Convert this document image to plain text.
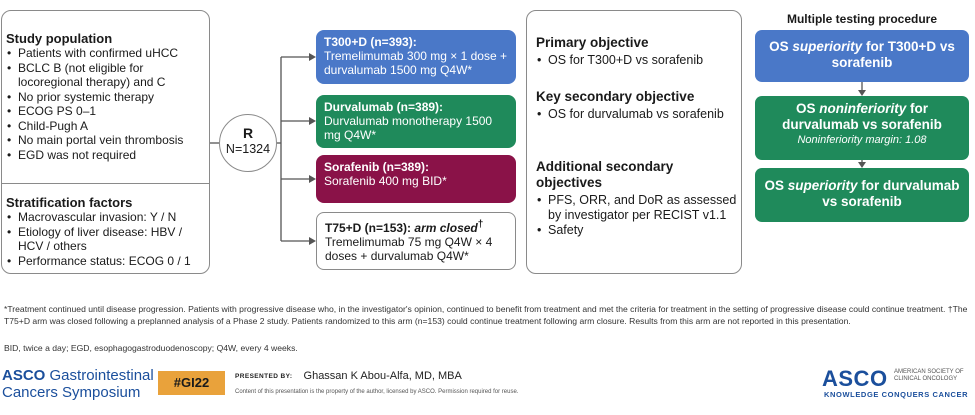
Study population
• Patients with confirmed uHCC
• BCLC B (not eligible for locoregional therapy) and C
• No prior systemic therapy
• ECOG PS 0–1
• Child-Pugh A
• No main portal vein thrombosis
• EGD was not required
Stratification factors
• Macrovascular invasion: Y / N
• Etiology of liver disease: HBV / HCV / others
• Performance status: ECOG 0 / 1
R
N=1324
T300+D (n=393):
Tremelimumab 300 mg × 1 dose + durvalumab 1500 mg Q4W*
Durvalumab (n=389):
Durvalumab monotherapy 1500 mg Q4W*
Sorafenib (n=389):
Sorafenib 400 mg BID*
T75+D (n=153): arm closed†
Tremelimumab 75 mg Q4W × 4 doses + durvalumab Q4W*
Primary objective
• OS for T300+D vs sorafenib
Key secondary objective
• OS for durvalumab vs sorafenib
Additional secondary objectives
• PFS, ORR, and DoR as assessed by investigator per RECIST v1.1
• Safety
Multiple testing procedure
OS superiority for T300+D vs sorafenib
OS noninferiority for durvalumab vs sorafenib
Noninferiority margin: 1.08
OS superiority for durvalumab vs sorafenib
*Treatment continued until disease progression. Patients with progressive disease who, in the investigator's opinion, continued to benefit from treatment and met the criteria for treatment in the setting of progressive disease could continue treatment. †The T75+D arm was closed following a preplanned analysis of a Phase 2 study. Patients randomized to this arm (n=153) could continue treatment following arm closure. Results from this arm are not reported in this presentation.
BID, twice a day; EGD, esophagogastroduodenoscopy; Q4W, every 4 weeks.
ASCO Gastrointestinal
Cancers Symposium
#GI22	PRESENTED BY: Ghassan K Abou-Alfa, MD, MBA
Content of this presentation is the property of the author, licensed by ASCO. Permission required for reuse.
ASCO AMERICAN SOCIETY OF CLINICAL ONCOLOGY
KNOWLEDGE CONQUERS CANCER
